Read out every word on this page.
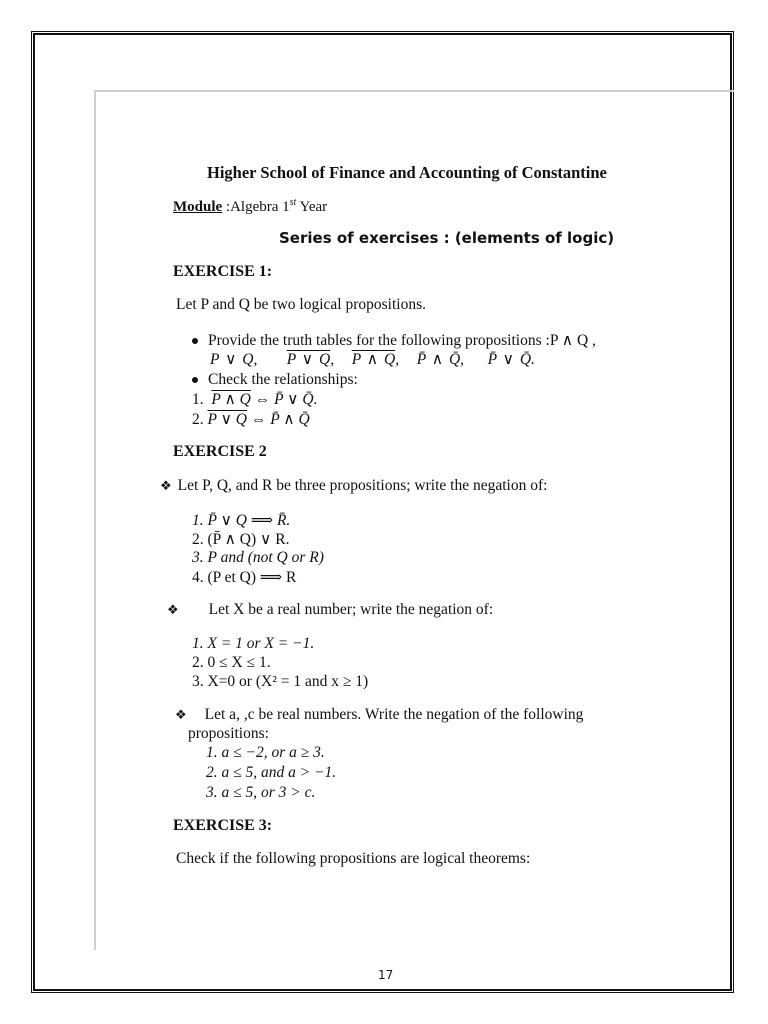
Higher School of Finance and Accounting of Constantine
Module :Algebra 1st Year
Series of exercises : (elements of logic)
EXERCISE 1:
Let P and Q be two logical propositions.
Provide the truth tables for the following propositions :P ∧ Q ,
P ∨ Q, P ∨ Q, P ∧ Q, P̄ ∧ Q̄, P̄ ∨ Q̄.
Check the relationships:
1. P ∧ Q ⇔ P̄ ∨ Q̄.
2. P ∨ Q ⇔ P̄ ∧ Q̄
EXERCISE 2
❖ Let P, Q, and R be three propositions; write the negation of:
1. P̄ ∨ Q ⟹ R̄.
2. (P̄ ∧ Q) ∨ R.
3. P and (not Q or R)
4. (P et Q) ⟹ R
❖ Let X be a real number; write the negation of:
1. X = 1 or X = −1.
2. 0 ≤ X ≤ 1.
3. X=0 or (X² = 1 and x ≥ 1)
❖ Let a, ,c be real numbers. Write the negation of the following
propositions:
1. a ≤ −2, or a ≥ 3.
2. a ≤ 5, and a > −1.
3. a ≤ 5, or 3 > c.
EXERCISE 3:
Check if the following propositions are logical theorems:
17
